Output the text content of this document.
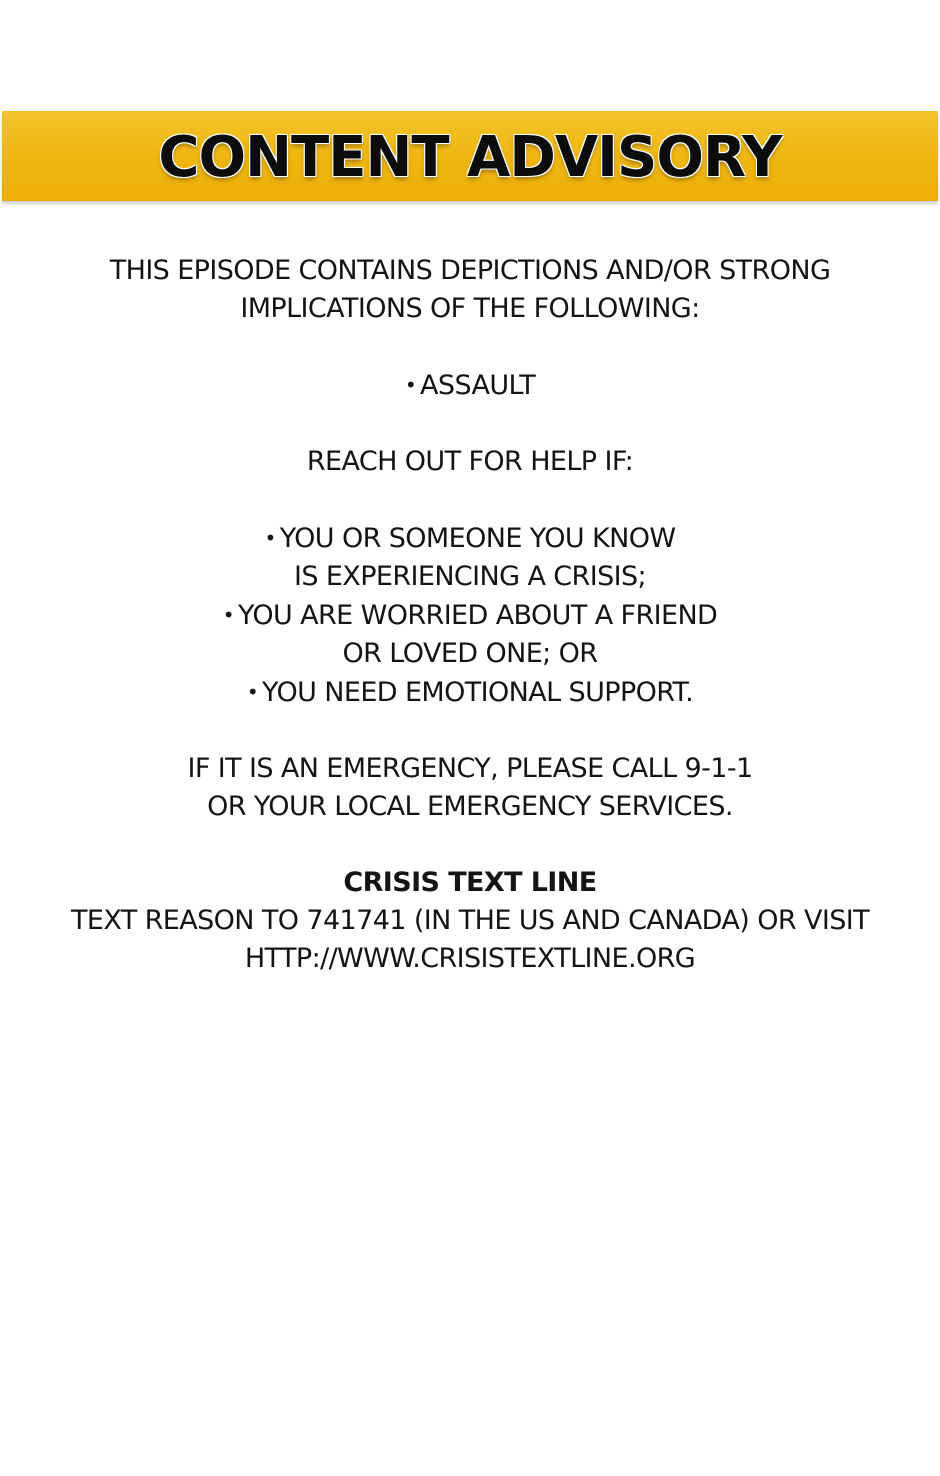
CONTENT ADVISORY
THIS EPISODE CONTAINS DEPICTIONS AND/OR STRONG
IMPLICATIONS OF THE FOLLOWING:
• ASSAULT
REACH OUT FOR HELP IF:
• YOU OR SOMEONE YOU KNOW
IS EXPERIENCING A CRISIS;
• YOU ARE WORRIED ABOUT A FRIEND
OR LOVED ONE; OR
• YOU NEED EMOTIONAL SUPPORT.
IF IT IS AN EMERGENCY, PLEASE CALL 9-1-1
OR YOUR LOCAL EMERGENCY SERVICES.
CRISIS TEXT LINE
TEXT REASON TO 741741 (IN THE US AND CANADA) OR VISIT
HTTP://WWW.CRISISTEXTLINE.ORG
